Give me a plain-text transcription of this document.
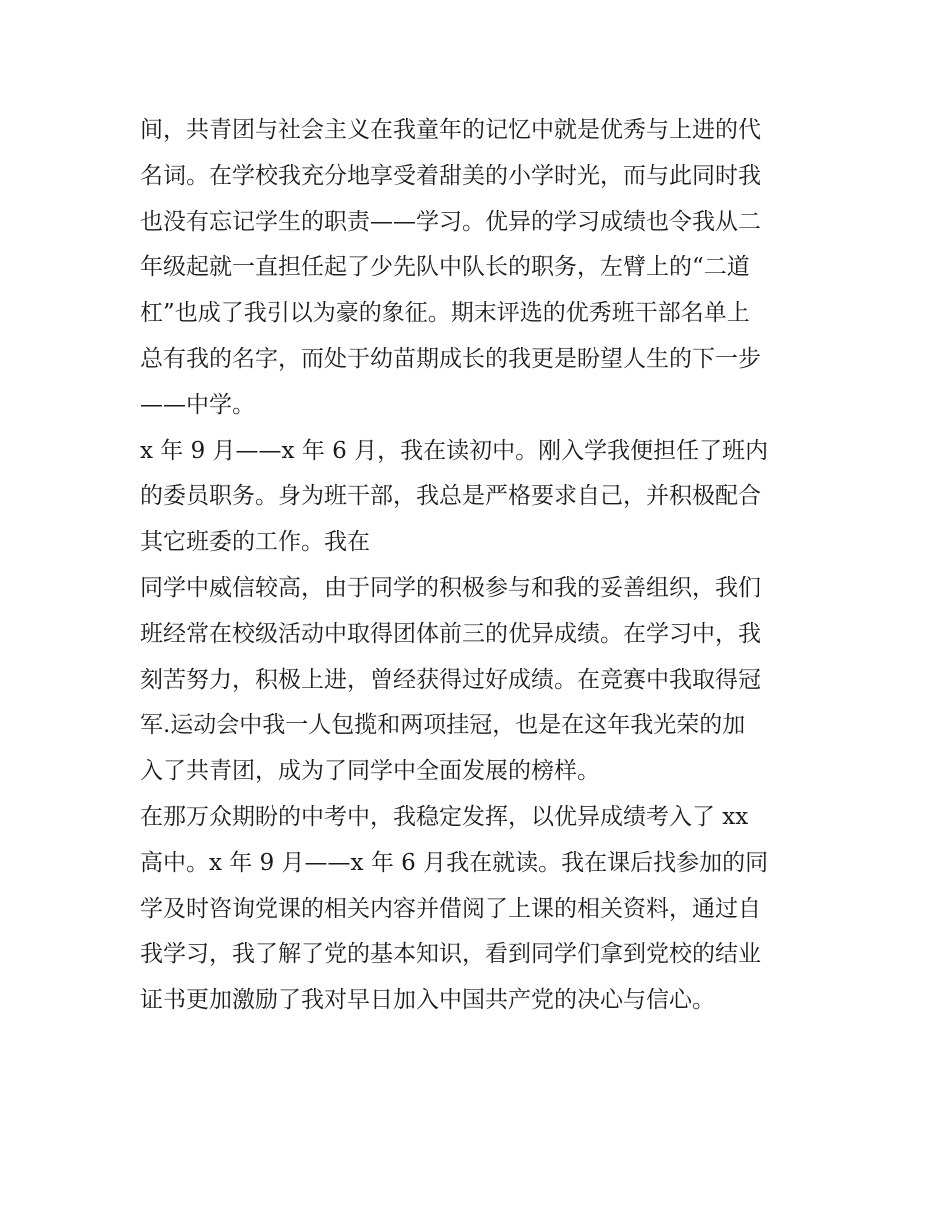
间，共青团与社会主义在我童年的记忆中就是优秀与上进的代
名词。在学校我充分地享受着甜美的小学时光，而与此同时我
也没有忘记学生的职责——学习。优异的学习成绩也令我从二
年级起就一直担任起了少先队中队长的职务，左臂上的“二道
杠”也成了我引以为豪的象征。期末评选的优秀班干部名单上
总有我的名字，而处于幼苗期成长的我更是盼望人生的下一步
——中学。
x 年 9 月——x 年 6 月，我在读初中。刚入学我便担任了班内
的委员职务。身为班干部，我总是严格要求自己，并积极配合
其它班委的工作。我在
同学中威信较高，由于同学的积极参与和我的妥善组织，我们
班经常在校级活动中取得团体前三的优异成绩。在学习中，我
刻苦努力，积极上进，曾经获得过好成绩。在竞赛中我取得冠
军.运动会中我一人包揽和两项挂冠，也是在这年我光荣的加
入了共青团，成为了同学中全面发展的榜样。
在那万众期盼的中考中，我稳定发挥，以优异成绩考入了 xx
高中。x 年 9 月——x 年 6 月我在就读。我在课后找参加的同
学及时咨询党课的相关内容并借阅了上课的相关资料，通过自
我学习，我了解了党的基本知识，看到同学们拿到党校的结业
证书更加激励了我对早日加入中国共产党的决心与信心。
